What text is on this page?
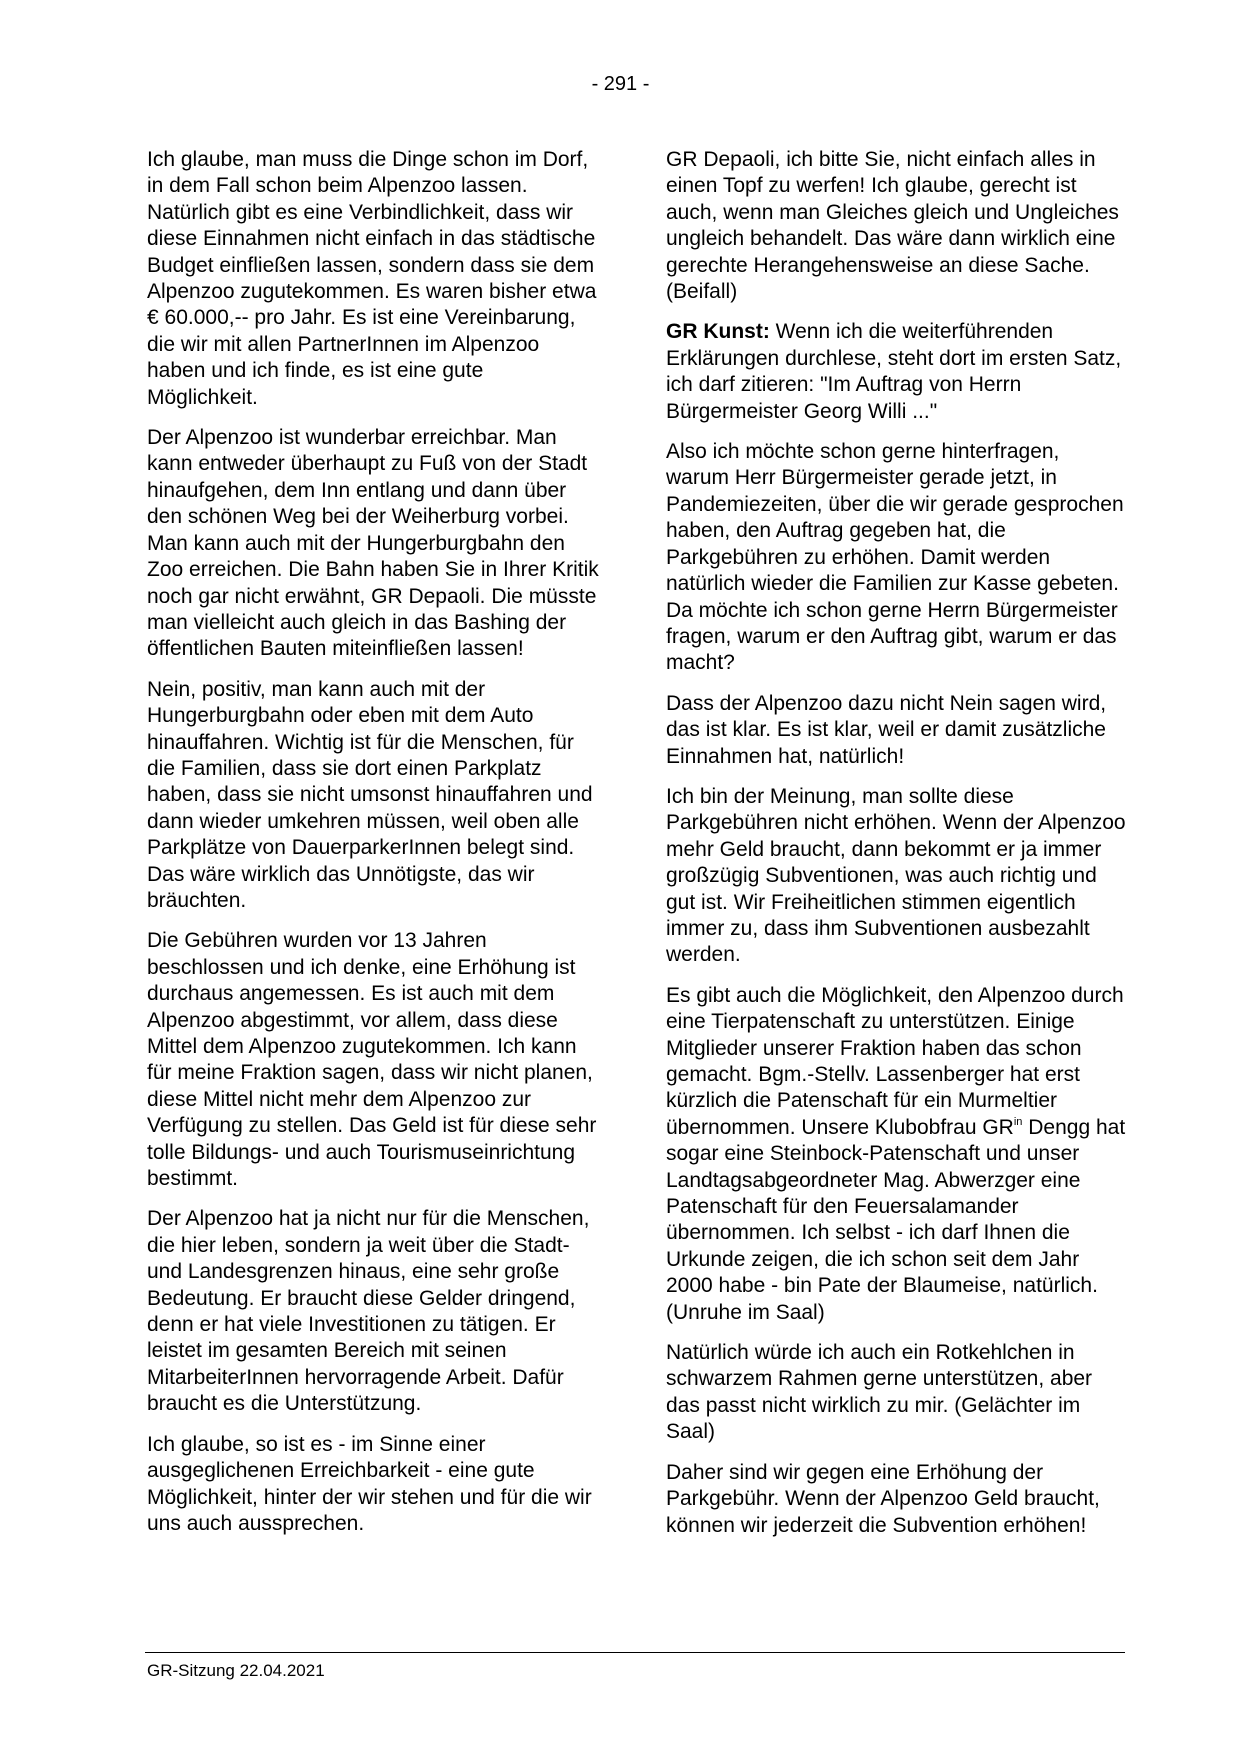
- 291 -

Ich glaube, man muss die Dinge schon im Dorf, in dem Fall schon beim Alpenzoo lassen. Natürlich gibt es eine Verbindlichkeit, dass wir diese Einnahmen nicht einfach in das städtische Budget einfließen lassen, sondern dass sie dem Alpenzoo zugutekommen. Es waren bisher etwa € 60.000,-- pro Jahr. Es ist eine Vereinbarung, die wir mit allen PartnerInnen im Alpenzoo haben und ich finde, es ist eine gute Möglichkeit.

Der Alpenzoo ist wunderbar erreichbar. Man kann entweder überhaupt zu Fuß von der Stadt hinaufgehen, dem Inn entlang und dann über den schönen Weg bei der Weiherburg vorbei. Man kann auch mit der Hungerburgbahn den Zoo erreichen. Die Bahn haben Sie in Ihrer Kritik noch gar nicht erwähnt, GR Depaoli. Die müsste man vielleicht auch gleich in das Bashing der öffentlichen Bauten miteinfließen lassen!

Nein, positiv, man kann auch mit der Hungerburgbahn oder eben mit dem Auto hinauffahren. Wichtig ist für die Menschen, für die Familien, dass sie dort einen Parkplatz haben, dass sie nicht umsonst hinauffahren und dann wieder umkehren müssen, weil oben alle Parkplätze von DauerparkerInnen belegt sind. Das wäre wirklich das Unnötigste, das wir bräuchten.

Die Gebühren wurden vor 13 Jahren beschlossen und ich denke, eine Erhöhung ist durchaus angemessen. Es ist auch mit dem Alpenzoo abgestimmt, vor allem, dass diese Mittel dem Alpenzoo zugutekommen. Ich kann für meine Fraktion sagen, dass wir nicht planen, diese Mittel nicht mehr dem Alpenzoo zur Verfügung zu stellen. Das Geld ist für diese sehr tolle Bildungs- und auch Tourismuseinrichtung bestimmt.

Der Alpenzoo hat ja nicht nur für die Menschen, die hier leben, sondern ja weit über die Stadt- und Landesgrenzen hinaus, eine sehr große Bedeutung. Er braucht diese Gelder dringend, denn er hat viele Investitionen zu tätigen. Er leistet im gesamten Bereich mit seinen MitarbeiterInnen hervorragende Arbeit. Dafür braucht es die Unterstützung.

Ich glaube, so ist es - im Sinne einer ausgeglichenen Erreichbarkeit - eine gute Möglichkeit, hinter der wir stehen und für die wir uns auch aussprechen.

GR Depaoli, ich bitte Sie, nicht einfach alles in einen Topf zu werfen! Ich glaube, gerecht ist auch, wenn man Gleiches gleich und Ungleiches ungleich behandelt. Das wäre dann wirklich eine gerechte Herangehensweise an diese Sache. (Beifall)

GR Kunst: Wenn ich die weiterführenden Erklärungen durchlese, steht dort im ersten Satz, ich darf zitieren: "Im Auftrag von Herrn Bürgermeister Georg Willi ..."

Also ich möchte schon gerne hinterfragen, warum Herr Bürgermeister gerade jetzt, in Pandemiezeiten, über die wir gerade gesprochen haben, den Auftrag gegeben hat, die Parkgebühren zu erhöhen. Damit werden natürlich wieder die Familien zur Kasse gebeten. Da möchte ich schon gerne Herrn Bürgermeister fragen, warum er den Auftrag gibt, warum er das macht?

Dass der Alpenzoo dazu nicht Nein sagen wird, das ist klar. Es ist klar, weil er damit zusätzliche Einnahmen hat, natürlich!

Ich bin der Meinung, man sollte diese Parkgebühren nicht erhöhen. Wenn der Alpenzoo mehr Geld braucht, dann bekommt er ja immer großzügig Subventionen, was auch richtig und gut ist. Wir Freiheitlichen stimmen eigentlich immer zu, dass ihm Subventionen ausbezahlt werden.

Es gibt auch die Möglichkeit, den Alpenzoo durch eine Tierpatenschaft zu unterstützen. Einige Mitglieder unserer Fraktion haben das schon gemacht. Bgm.-Stellv. Lassenberger hat erst kürzlich die Patenschaft für ein Murmeltier übernommen. Unsere Klubobfrau $GR^{in}$ Dengg hat sogar eine Steinbock-Patenschaft und unser Landtagsabgeordneter Mag. Abwerzger eine Patenschaft für den Feuersalamander übernommen. Ich selbst - ich darf Ihnen die Urkunde zeigen, die ich schon seit dem Jahr 2000 habe - bin Pate der Blaumeise, natürlich. (Unruhe im Saal)

Natürlich würde ich auch ein Rotkehlchen in schwarzem Rahmen gerne unterstützen, aber das passt nicht wirklich zu mir. (Gelächter im Saal)

Daher sind wir gegen eine Erhöhung der Parkgebühr. Wenn der Alpenzoo Geld braucht, können wir jederzeit die Subvention erhöhen!

GR-Sitzung 22.04.2021
